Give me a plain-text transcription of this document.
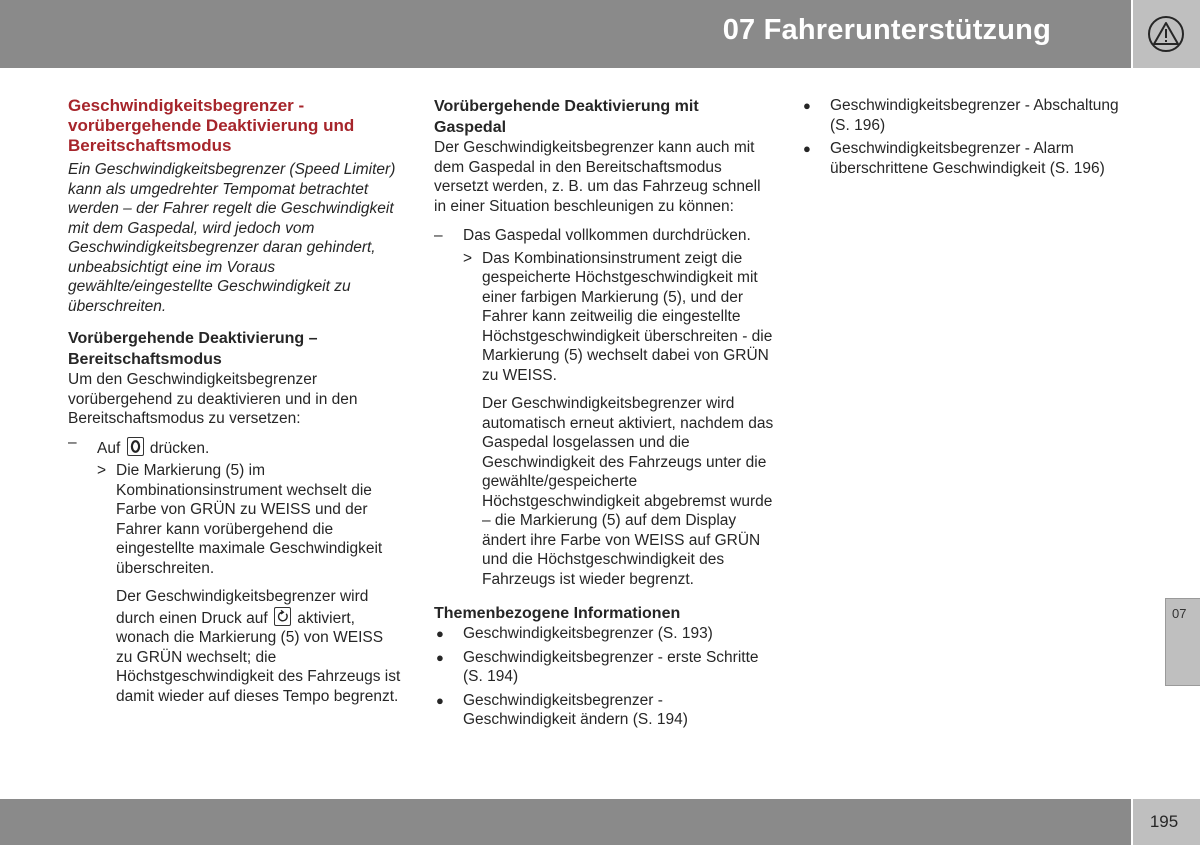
07 Fahrerunterstützung
Geschwindigkeitsbegrenzer - vorübergehende Deaktivierung und Bereitschaftsmodus

Ein Geschwindigkeitsbegrenzer (Speed Limiter) kann als umgedrehter Tempomat betrachtet werden – der Fahrer regelt die Geschwindigkeit mit dem Gaspedal, wird jedoch vom Geschwindigkeitsbegrenzer daran gehindert, unbeabsichtigt eine im Voraus gewählte/eingestellte Geschwindigkeit zu überschreiten.

Vorübergehende Deaktivierung – Bereitschaftsmodus

Um den Geschwindigkeitsbegrenzer vorübergehend zu deaktivieren und in den Bereitschaftsmodus zu versetzen:

– Auf drücken.
> Die Markierung (5) im Kombinationsinstrument wechselt die Farbe von GRÜN zu WEISS und der Fahrer kann vorübergehend die eingestellte maximale Geschwindigkeit überschreiten.
Der Geschwindigkeitsbegrenzer wird durch einen Druck auf aktiviert, wonach die Markierung (5) von WEISS zu GRÜN wechselt; die Höchstgeschwindigkeit des Fahrzeugs ist damit wieder auf dieses Tempo begrenzt.
Vorübergehende Deaktivierung mit Gaspedal

Der Geschwindigkeitsbegrenzer kann auch mit dem Gaspedal in den Bereitschaftsmodus versetzt werden, z. B. um das Fahrzeug schnell in einer Situation beschleunigen zu können:

– Das Gaspedal vollkommen durchdrücken.
> Das Kombinationsinstrument zeigt die gespeicherte Höchstgeschwindigkeit mit einer farbigen Markierung (5), und der Fahrer kann zeitweilig die eingestellte Höchstgeschwindigkeit überschreiten - die Markierung (5) wechselt dabei von GRÜN zu WEISS.
Der Geschwindigkeitsbegrenzer wird automatisch erneut aktiviert, nachdem das Gaspedal losgelassen und die Geschwindigkeit des Fahrzeugs unter die gewählte/gespeicherte Höchstgeschwindigkeit abgebremst wurde – die Markierung (5) auf dem Display ändert ihre Farbe von WEISS auf GRÜN und die Höchstgeschwindigkeit des Fahrzeugs ist wieder begrenzt.
Themenbezogene Informationen
● Geschwindigkeitsbegrenzer (S. 193)
● Geschwindigkeitsbegrenzer - erste Schritte (S. 194)
● Geschwindigkeitsbegrenzer - Geschwindigkeit ändern (S. 194)
● Geschwindigkeitsbegrenzer - Abschaltung (S. 196)
● Geschwindigkeitsbegrenzer - Alarm überschrittene Geschwindigkeit (S. 196)
07
195
